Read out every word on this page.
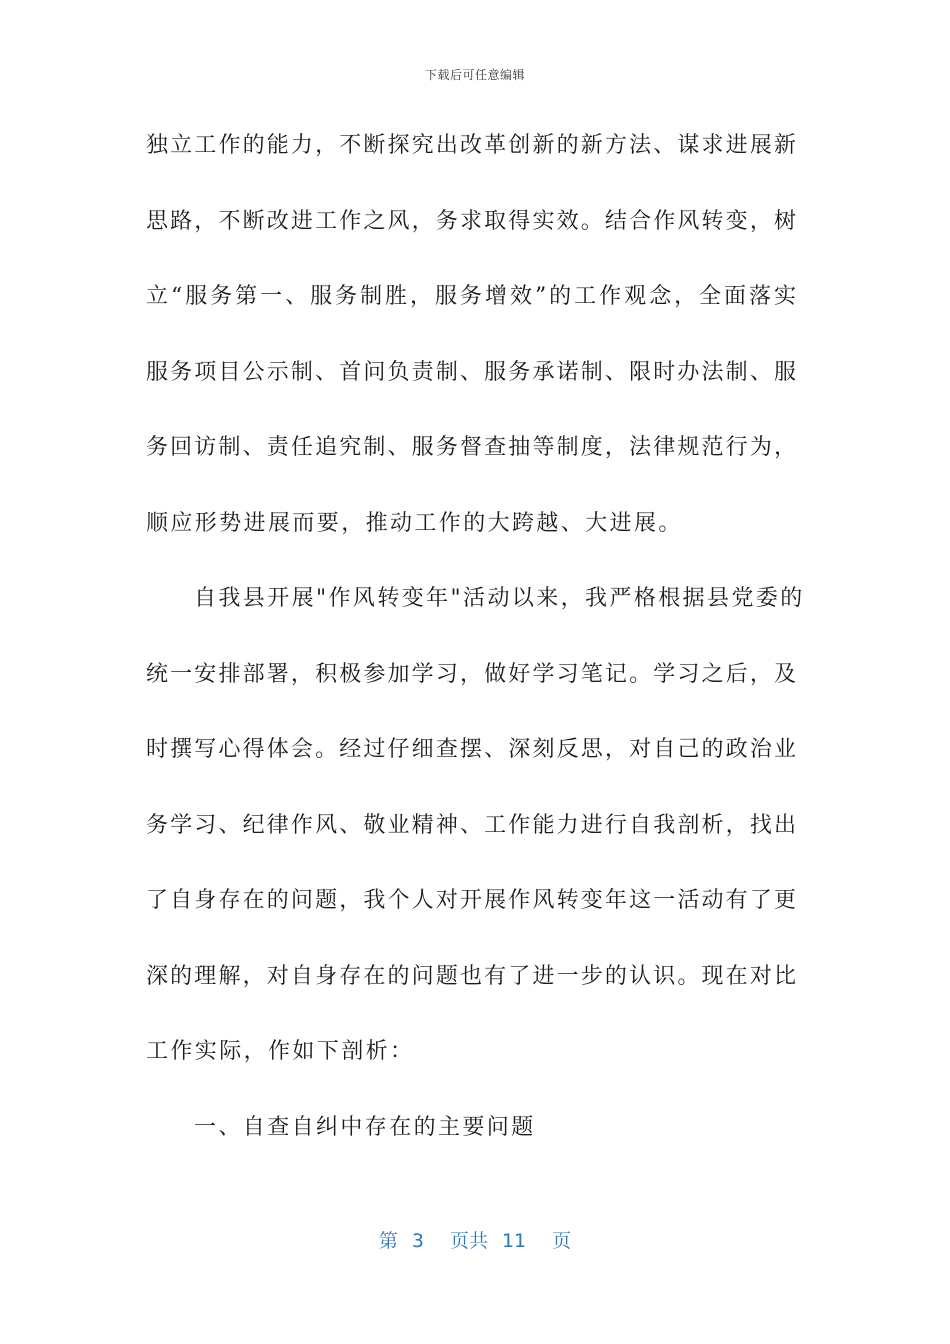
下载后可任意编辑
独立工作的能力，不断探究出改革创新的新方法、谋求进展新
思路，不断改进工作之风，务求取得实效。结合作风转变，树
立“服务第一、服务制胜，服务增效”的工作观念，全面落实
服务项目公示制、首问负责制、服务承诺制、限时办法制、服
务回访制、责任追究制、服务督查抽等制度，法律规范行为，
顺应形势进展而要，推动工作的大跨越、大进展。
自我县开展"作风转变年"活动以来，我严格根据县党委的
统一安排部署，积极参加学习，做好学习笔记。学习之后，及
时撰写心得体会。经过仔细查摆、深刻反思，对自己的政治业
务学习、纪律作风、敬业精神、工作能力进行自我剖析，找出
了自身存在的问题，我个人对开展作风转变年这一活动有了更
深的理解，对自身存在的问题也有了进一步的认识。现在对比
工作实际，作如下剖析：
一、自查自纠中存在的主要问题
第 3 页共 11 页
